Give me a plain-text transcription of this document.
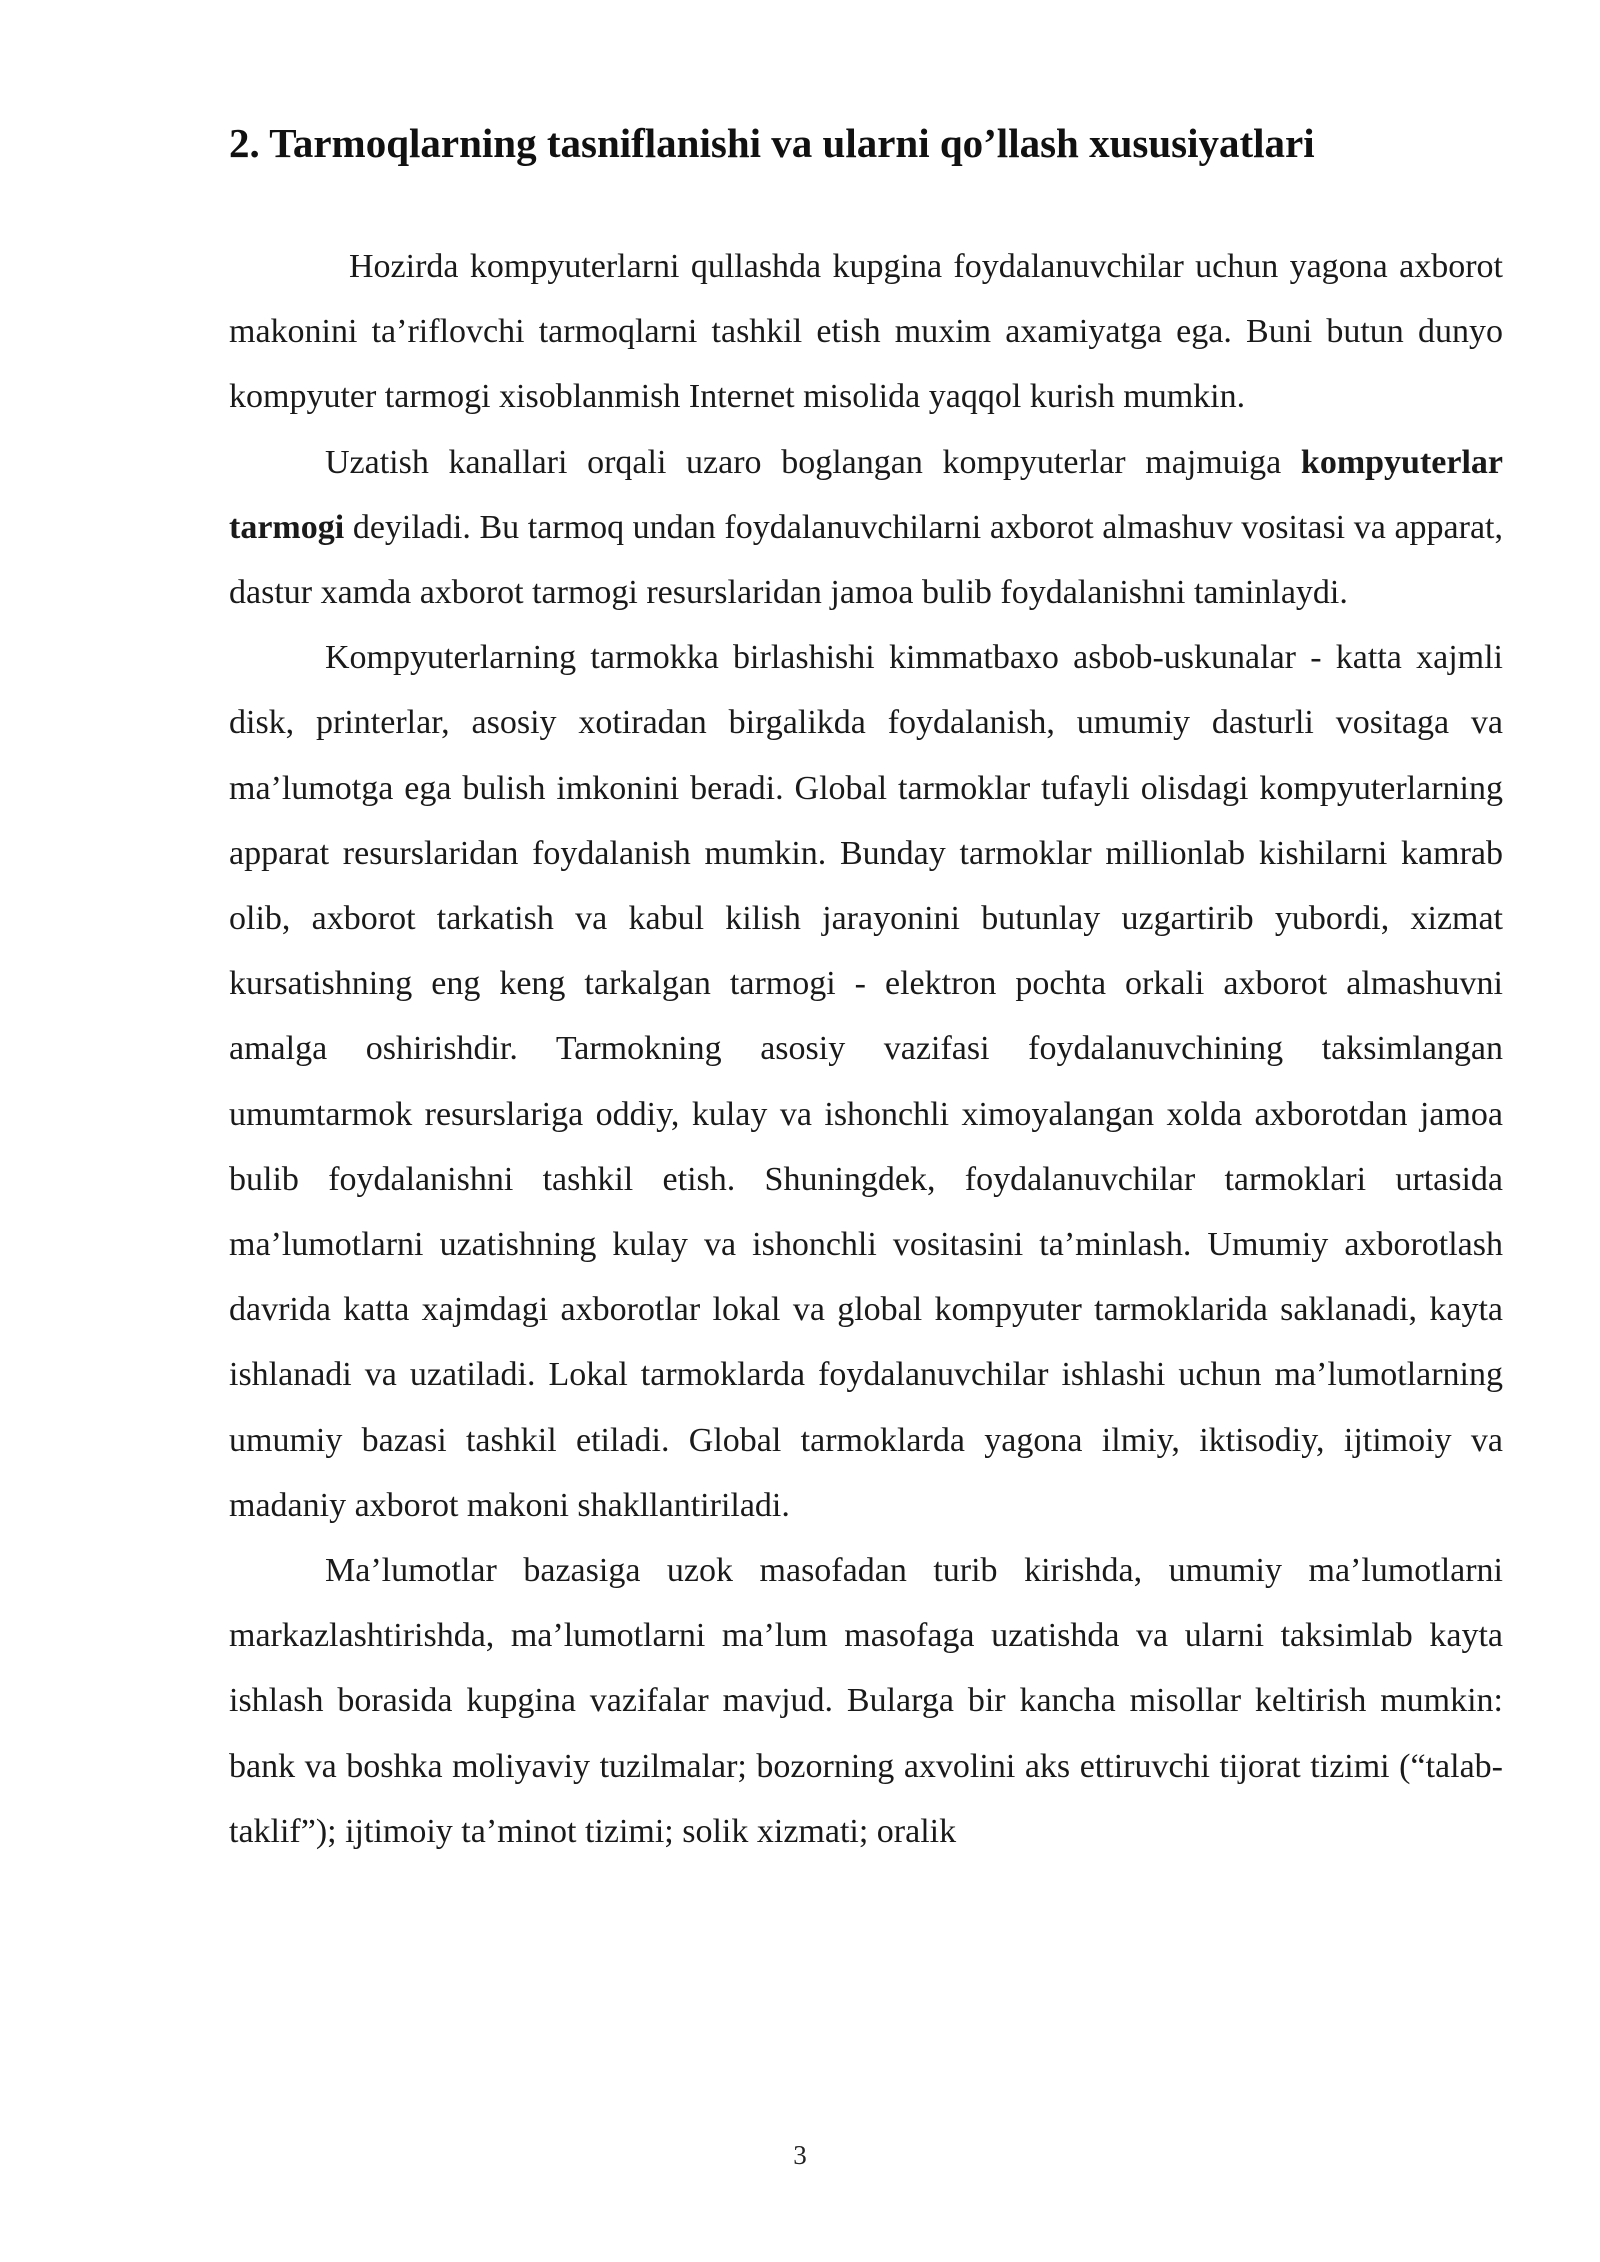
2. Tarmoqlarning tasniflanishi va ularni qo’llash xususiyatlari

Hozirda kompyuterlarni qullashda kupgina foydalanuvchilar uchun yagona axborot makonini ta’riflovchi tarmoqlarni tashkil etish muxim axamiyatga ega. Buni butun dunyo kompyuter tarmogi xisoblanmish Internet misolida yaqqol kurish mumkin.

Uzatish kanallari orqali uzaro boglangan kompyuterlar majmuiga kompyuterlar tarmogi deyiladi. Bu tarmoq undan foydalanuvchilarni axborot almashuv vositasi va apparat, dastur xamda axborot tarmogi resurslaridan jamoa bulib foydalanishni taminlaydi.

Kompyuterlarning tarmokka birlashishi kimmatbaxo asbob-uskunalar - katta xajmli disk, printerlar, asosiy xotiradan birgalikda foydalanish, umumiy dasturli vositaga va ma’lumotga ega bulish imkonini beradi. Global tarmoklar tufayli olisdagi kompyuterlarning apparat resurslaridan foydalanish mumkin. Bunday tarmoklar millionlab kishilarni kamrab olib, axborot tarkatish va kabul kilish jarayonini butunlay uzgartirib yubordi, xizmat kursatishning eng keng tarkalgan tarmogi - elektron pochta orkali axborot almashuvni amalga oshirishdir. Tarmokning asosiy vazifasi foydalanuvchining taksimlangan umumtarmok resurslariga oddiy, kulay va ishonchli ximoyalangan xolda axborotdan jamoa bulib foydalanishni tashkil etish. Shuningdek, foydalanuvchilar tarmoklari urtasida ma’lumotlarni uzatishning kulay va ishonchli vositasini ta’minlash. Umumiy axborotlash davrida katta xajmdagi axborotlar lokal va global kompyuter tarmoklarida saklanadi, kayta ishlanadi va uzatiladi. Lokal tarmoklarda foydalanuvchilar ishlashi uchun ma’lumotlarning umumiy bazasi tashkil etiladi. Global tarmoklarda yagona ilmiy, iktisodiy, ijtimoiy va madaniy axborot makoni shakllantiriladi.

Ma’lumotlar bazasiga uzok masofadan turib kirishda, umumiy ma’lumotlarni markazlashtirishda, ma’lumotlarni ma’lum masofaga uzatishda va ularni taksimlab kayta ishlash borasida kupgina vazifalar mavjud. Bularga bir kancha misollar keltirish mumkin: bank va boshka moliyaviy tuzilmalar; bozorning axvolini aks ettiruvchi tijorat tizimi (“talab-taklif”); ijtimoiy ta’minot tizimi; solik xizmati; oralik

3
